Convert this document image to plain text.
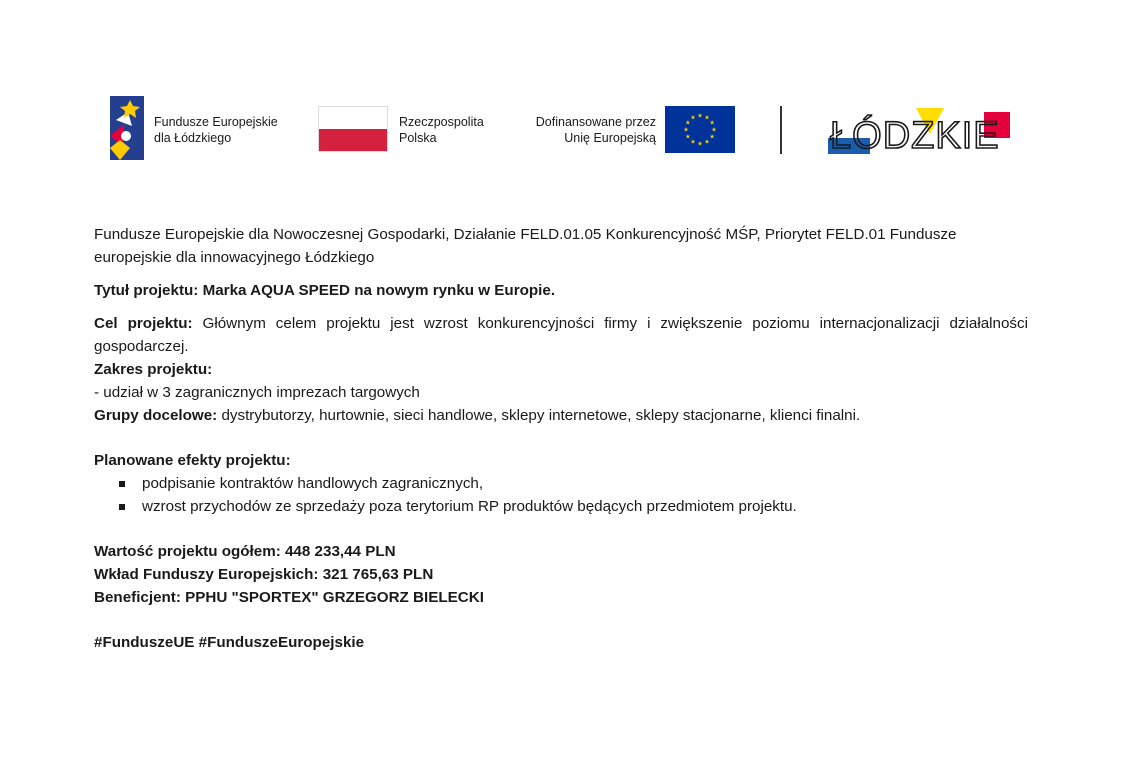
Fundusze Europejskie
dla Łódzkiego
Rzeczpospolita
Polska
Dofinansowane przez
Unię Europejską	ŁÓDZKIE

Fundusze Europejskie dla Nowoczesnej Gospodarki, Działanie FELD.01.05 Konkurencyjność MŚP, Priorytet FELD.01 Fundusze europejskie dla innowacyjnego Łódzkiego

Tytuł projektu: Marka AQUA SPEED na nowym rynku w Europie.

Cel projektu: Głównym celem projektu jest wzrost konkurencyjności firmy i zwiększenie poziomu internacjonalizacji działalności gospodarczej.

Zakres projektu:

- udział w 3 zagranicznych imprezach targowych

Grupy docelowe: dystrybutorzy, hurtownie, sieci handlowe, sklepy internetowe, sklepy stacjonarne, klienci finalni.

Planowane efekty projektu:

podpisanie kontraktów handlowych zagranicznych,
wzrost przychodów ze sprzedaży poza terytorium RP produktów będących przedmiotem projektu.

Wartość projektu ogółem: 448 233,44 PLN

Wkład Funduszy Europejskich: 321 765,63 PLN

Beneficjent: PPHU "SPORTEX" GRZEGORZ BIELECKI

#FunduszeUE #FunduszeEuropejskie
